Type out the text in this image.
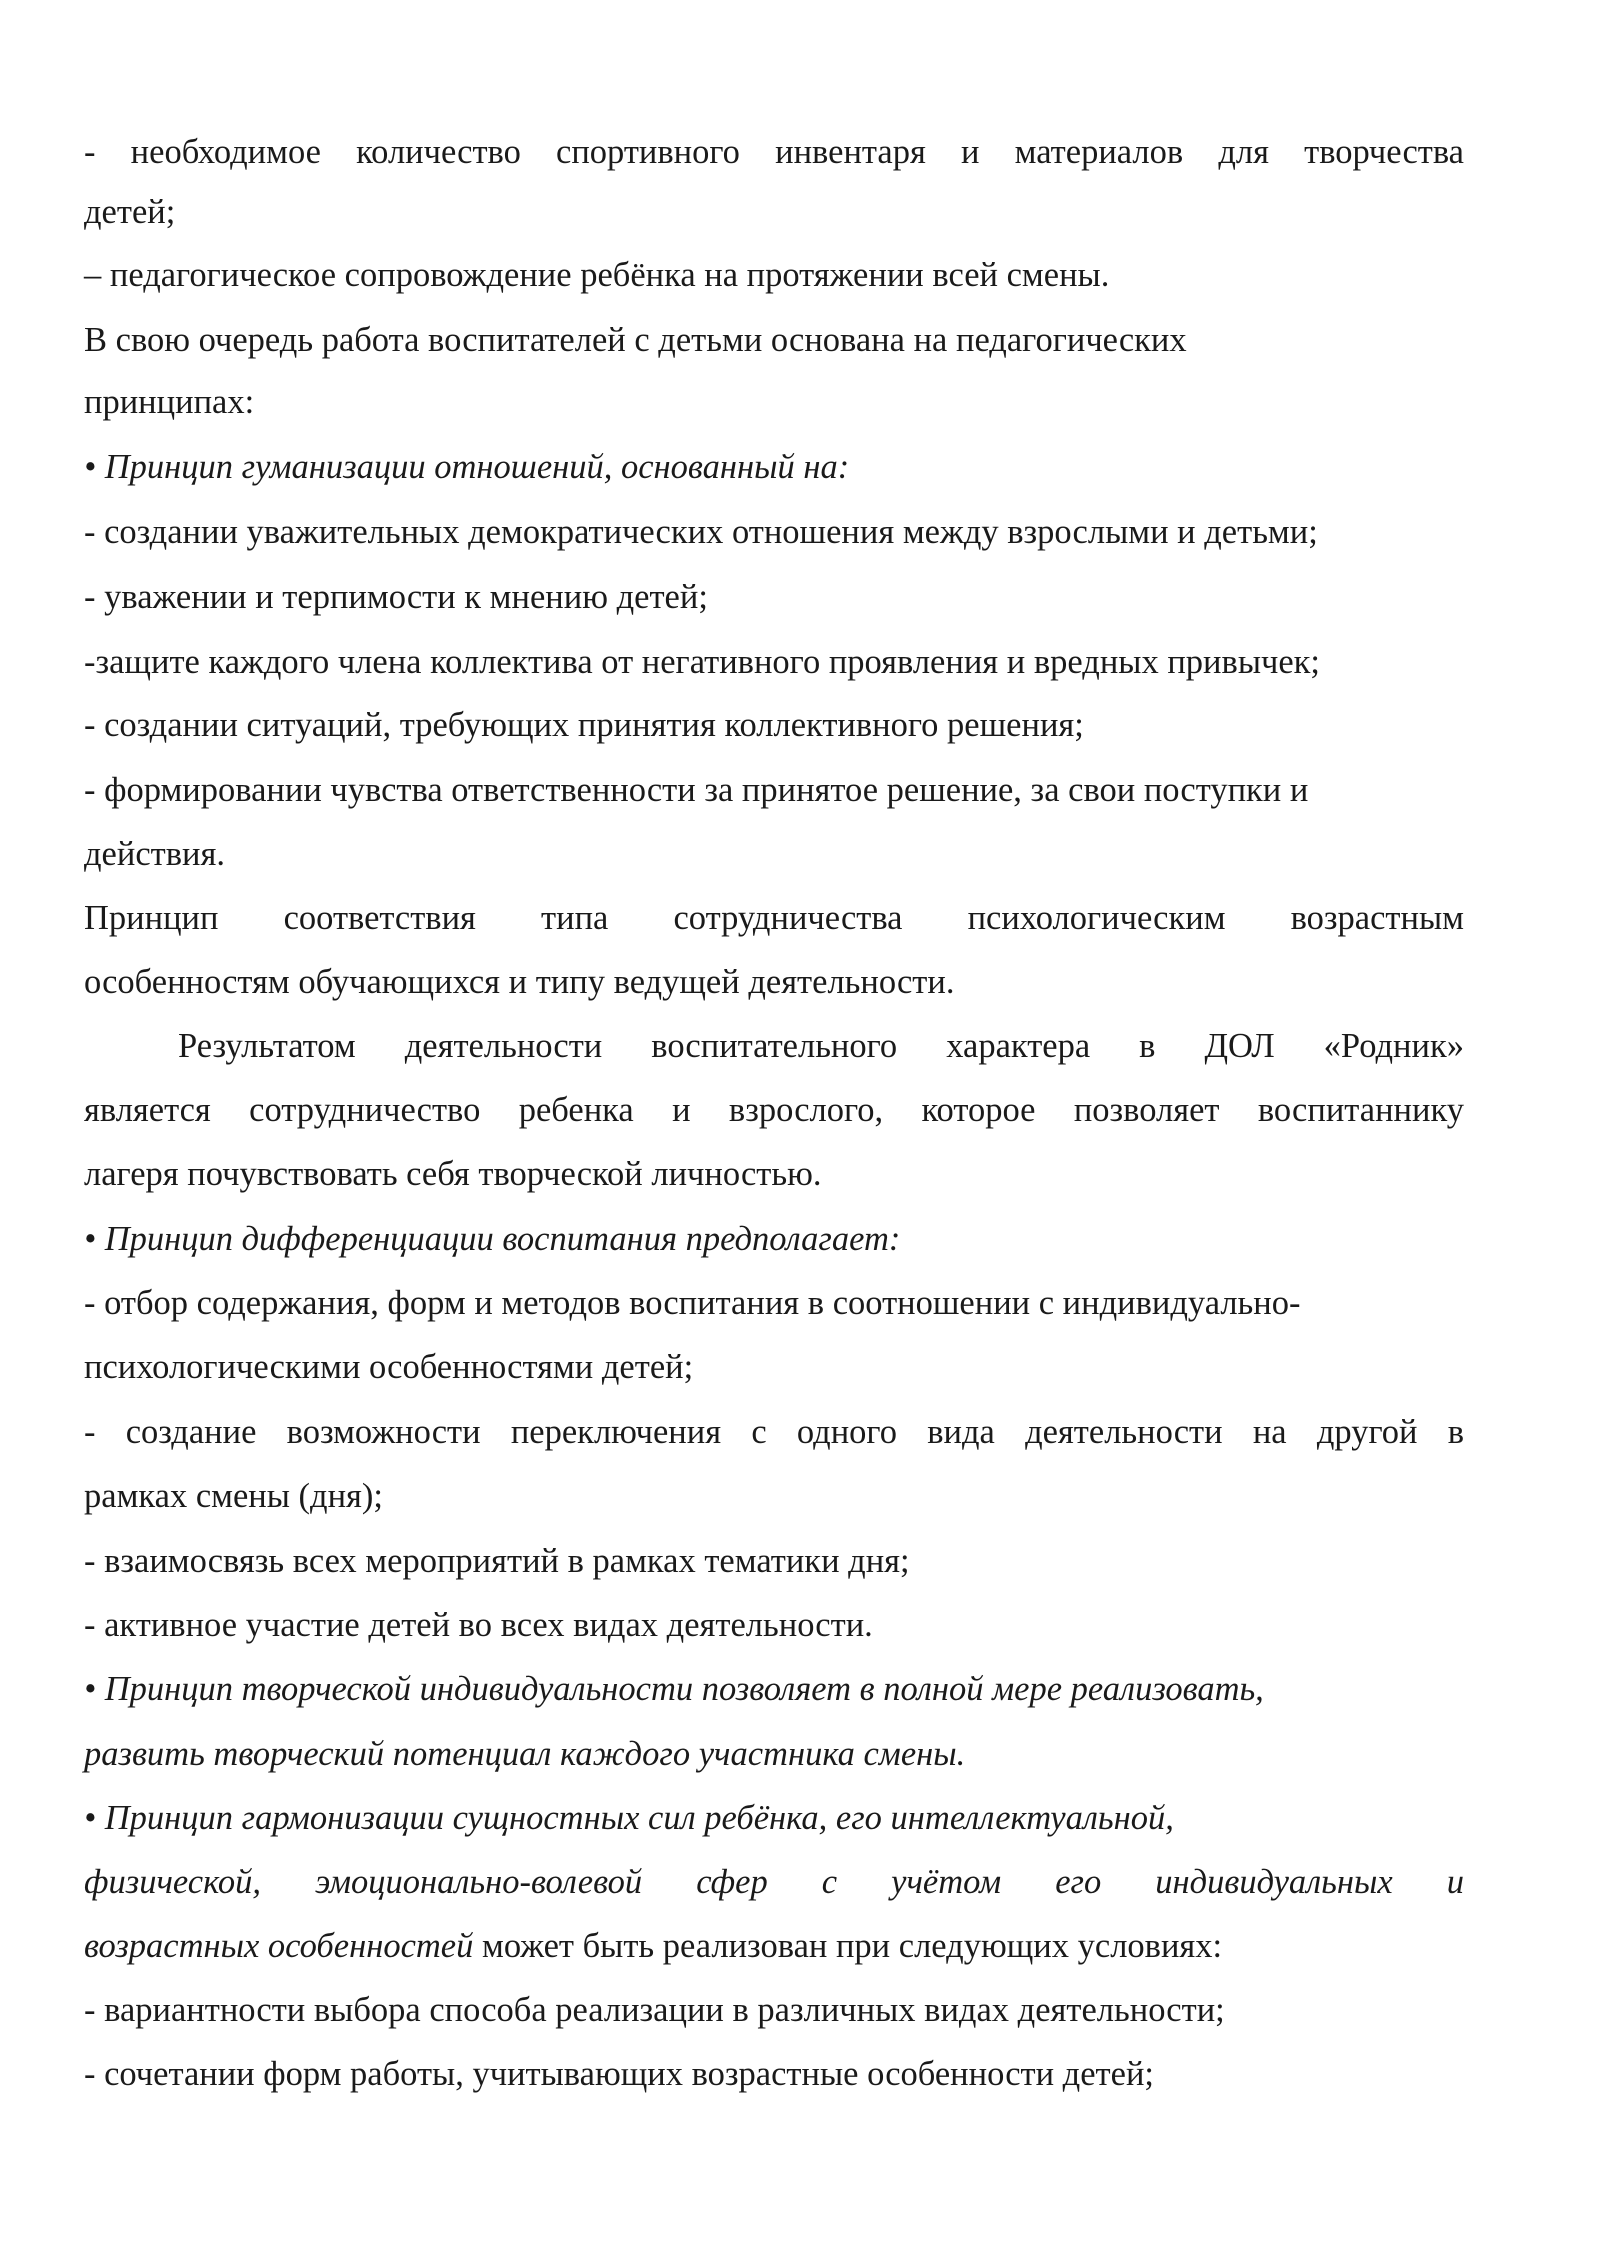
- необходимое количество спортивного инвентаря и материалов для творчества
детей;
– педагогическое сопровождение ребёнка на протяжении всей смены.
В свою очередь работа воспитателей с детьми основана на педагогических
принципах:
• Принцип гуманизации отношений, основанный на:
- создании уважительных демократических отношения между взрослыми и детьми;
- уважении и терпимости к мнению детей;
-защите каждого члена коллектива от негативного проявления и вредных привычек;
- создании ситуаций, требующих принятия коллективного решения;
- формировании чувства ответственности за принятое решение, за свои поступки и
действия.
Принцип соответствия типа сотрудничества психологическим возрастным
особенностям обучающихся и типу ведущей деятельности.
Результатом деятельности воспитательного характера в ДОЛ «Родник»
является сотрудничество ребенка и взрослого, которое позволяет воспитаннику
лагеря почувствовать себя творческой личностью.
• Принцип дифференциации воспитания предполагает:
- отбор содержания, форм и методов воспитания в соотношении с индивидуально-
психологическими особенностями детей;
- создание возможности переключения с одного вида деятельности на другой в
рамках смены (дня);
- взаимосвязь всех мероприятий в рамках тематики дня;
- активное участие детей во всех видах деятельности.
• Принцип творческой индивидуальности позволяет в полной мере реализовать,
развить творческий потенциал каждого участника смены.
• Принцип гармонизации сущностных сил ребёнка, его интеллектуальной,
физической, эмоционально-волевой сфер с учётом его индивидуальных и
возрастных особенностей может быть реализован при следующих условиях:
- вариантности выбора способа реализации в различных видах деятельности;
- сочетании форм работы, учитывающих возрастные особенности детей;
